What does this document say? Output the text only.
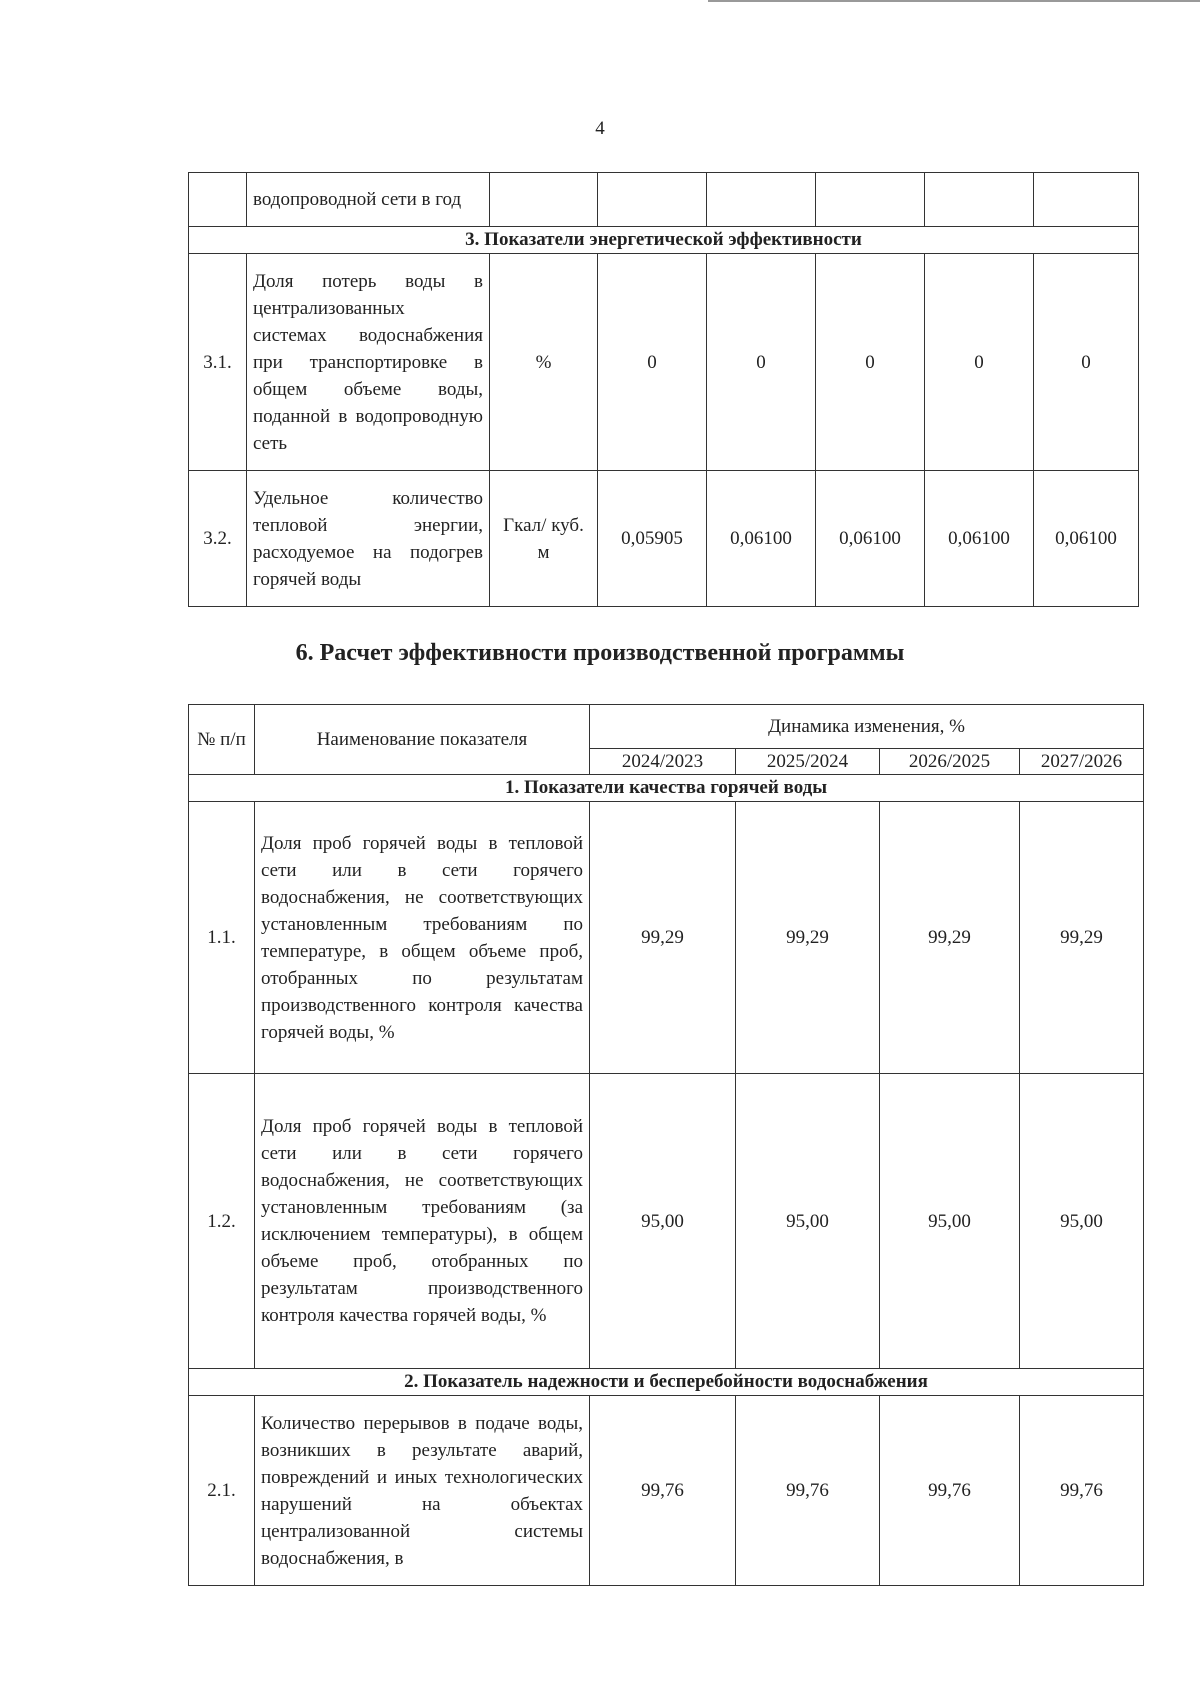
4
	водопроводной сети в год						
3. Показатели энергетической эффективности							
3.1.	Доля потерь воды в централизованных системах водоснабжения при транспортировке в общем объеме воды, поданной в водопроводную сеть	%	0	0	0	0	0
3.2.	Удельное количество тепловой энергии, расходуемое на подогрев горячей воды	Гкал/ куб. м	0,05905	0,06100	0,06100	0,06100	0,06100
6. Расчет эффективности производственной программы
№ п/п	Наименование показателя	Динамика изменения, %			
		2024/2023	2025/2024	2026/2025	2027/2026
1. Показатели качества горячей воды					
1.1.	Доля проб горячей воды в тепловой сети или в сети горячего водоснабжения, не соответствующих установленным требованиям по температуре, в общем объеме проб, отобранных по результатам производственного контроля качества горячей воды, %	99,29	99,29	99,29	99,29
1.2.	Доля проб горячей воды в тепловой сети или в сети горячего водоснабжения, не соответствующих установленным требованиям (за исключением температуры), в общем объеме проб, отобранных по результатам производственного контроля качества горячей воды, %	95,00	95,00	95,00	95,00
2. Показатель надежности и бесперебойности водоснабжения					
2.1.	Количество перерывов в подаче воды, возникших в результате аварий, повреждений и иных технологических нарушений на объектах централизованной системы водоснабжения, в	99,76	99,76	99,76	99,76
